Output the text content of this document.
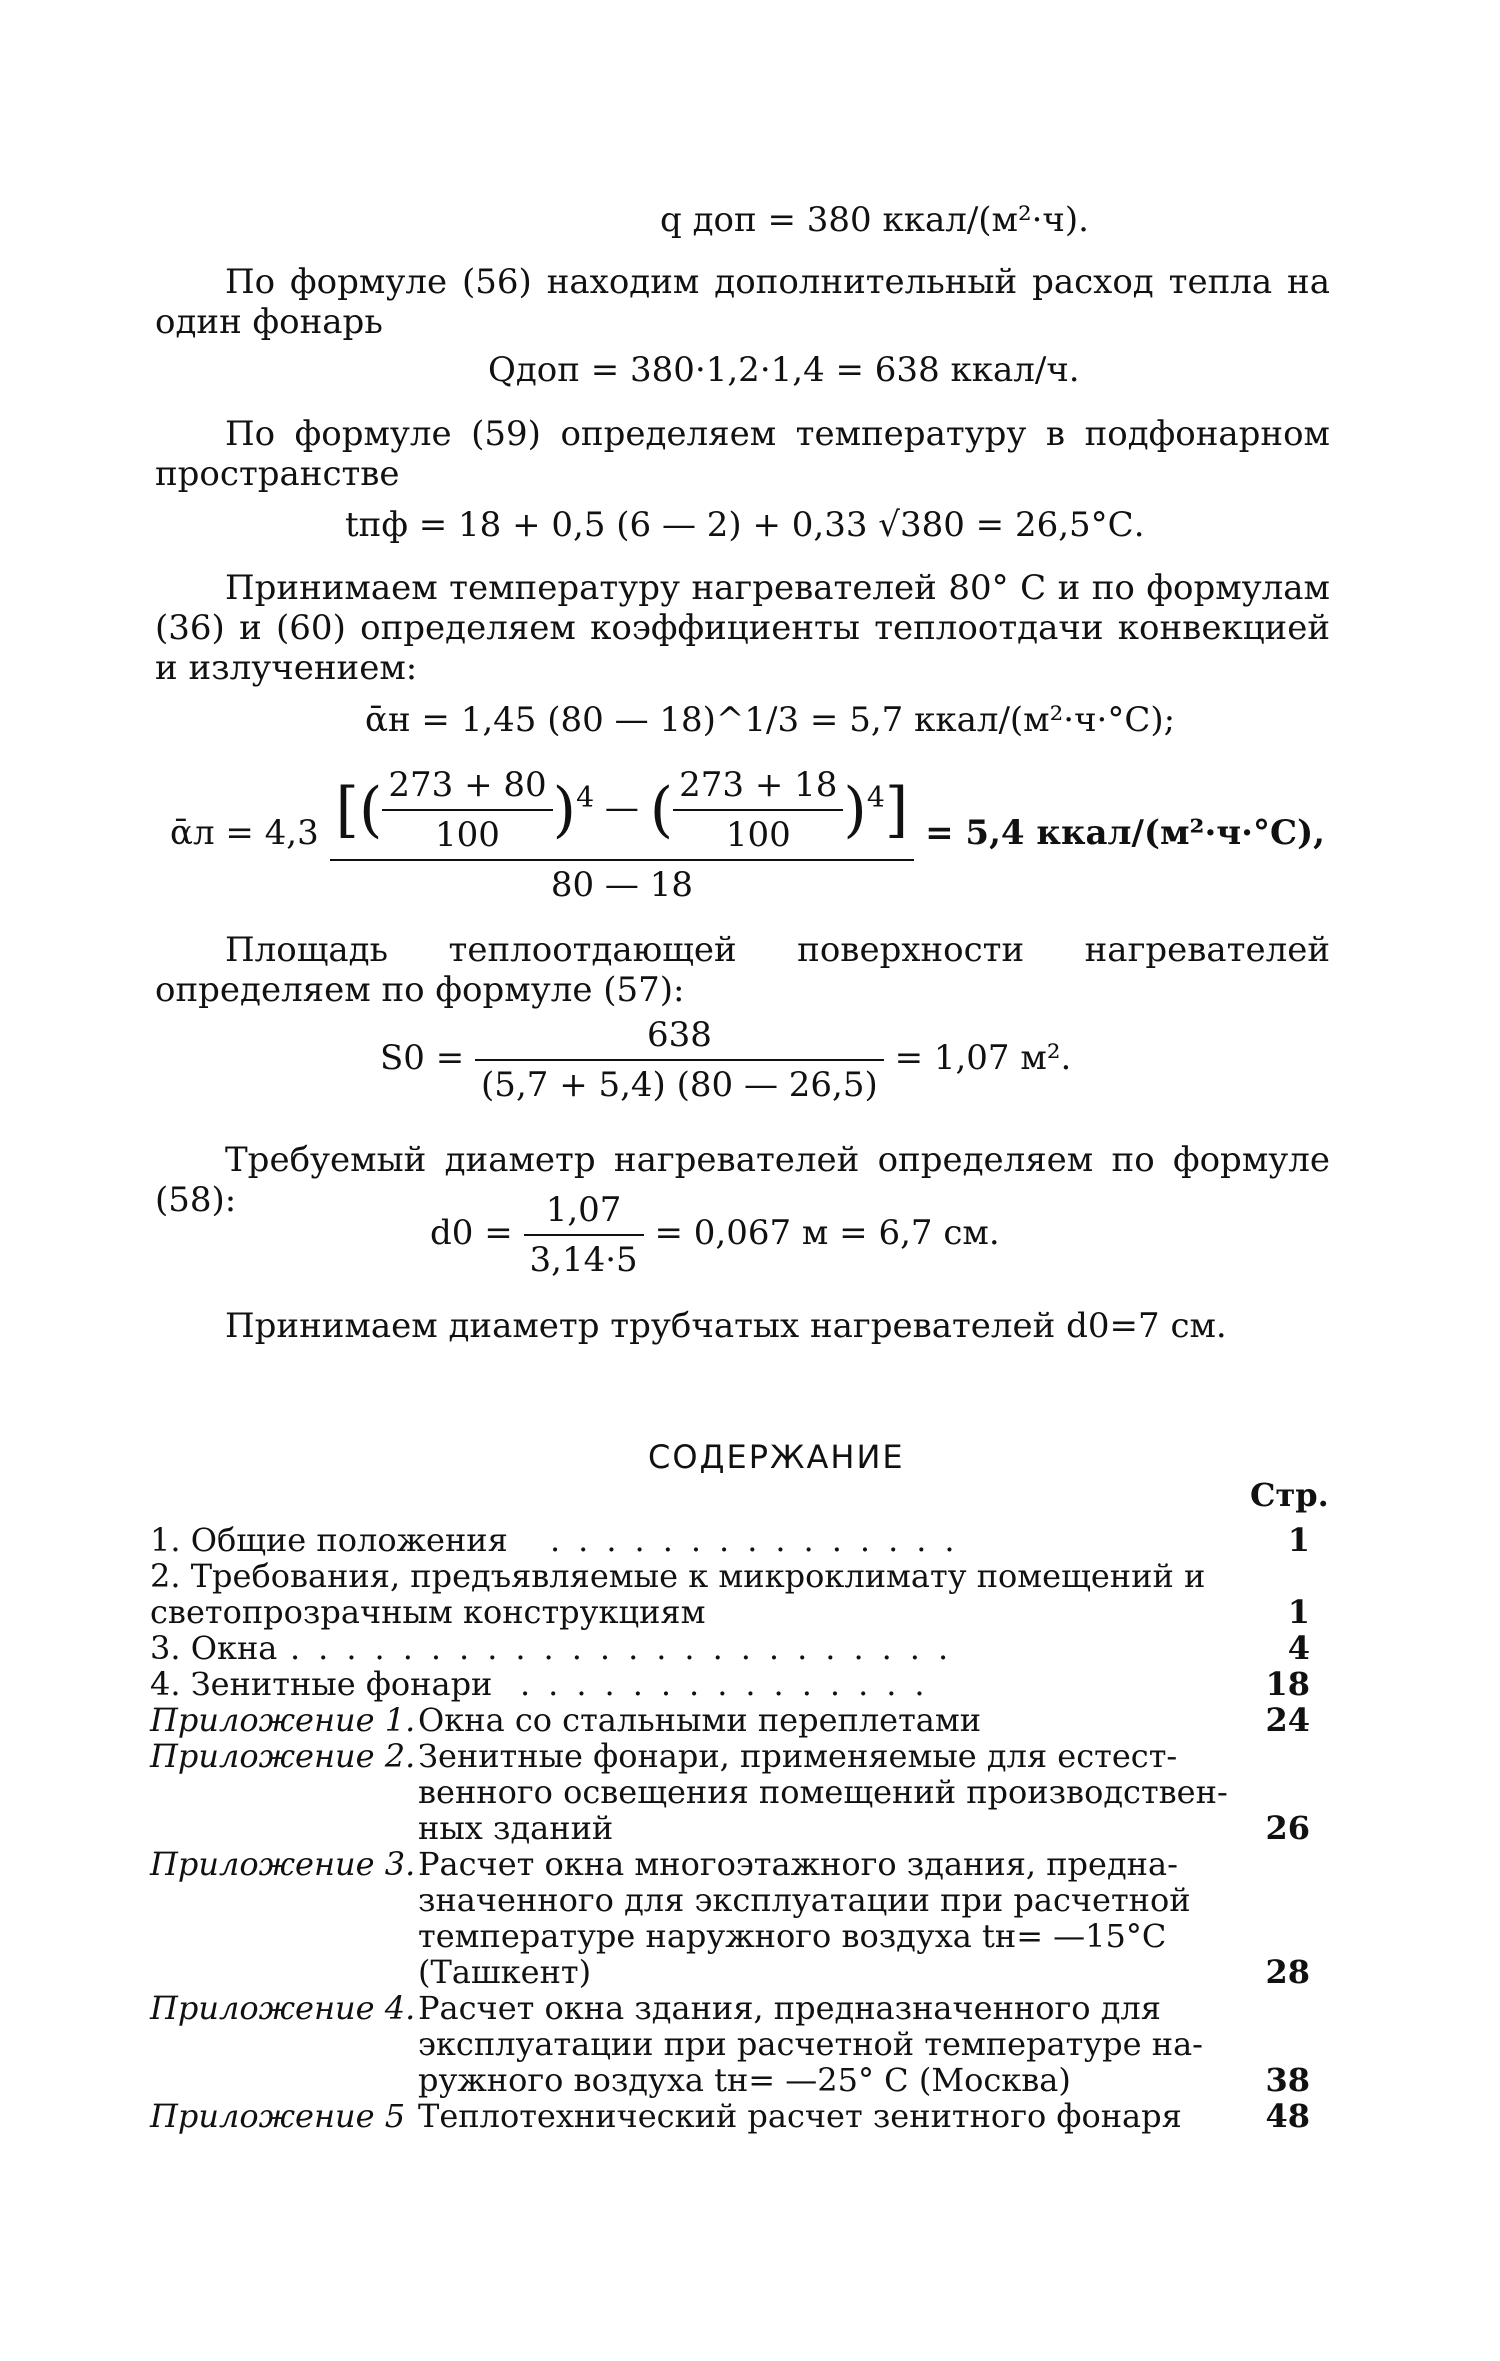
q доп = 380 ккал/(м²·ч).
По формуле (56) находим дополнительный расход тепла на один фонарь
Qдоп = 380·1,2·1,4 = 638 ккал/ч.
По формуле (59) определяем температуру в подфонарном пространстве
tпф = 18 + 0,5 (6 — 2) + 0,33 √380 = 26,5°С.
Принимаем температуру нагревателей 80° С и по формулам (36) и (60) определяем коэффициенты теплоотдачи конвекцией и излучением:
ᾱн = 1,45 (80 — 18)^1/3 = 5,7 ккал/(м²·ч·°С);
ᾱл = $4,3 \frac{[( \frac{273 + 80}{100} )^4 — ( \frac{273 + 18}{100} )^4]}{80 — 18} = 5,4$ ккал/(м²·ч·°С),
Площадь теплоотдающей поверхности нагревателей определяем по формуле (57):
$S0 = \frac{638}{(5,7 + 5,4) (80 — 26,5)} = 1,07$ м².
Требуемый диаметр нагревателей определяем по формуле (58):
$d0 = \frac{1,07}{3,14\cdot 5} = 0,067$ м = 6,7 см.
Принимаем диаметр трубчатых нагревателей d0=7 см.
СОДЕРЖАНИЕ
Стр.
1. Общие положения ...............	1
2. Требования, предъявляемые к микроклимату помещений и
светопрозрачным конструкциям	1
3. Окна ........................	4
4. Зенитные фонари ...............	18
Приложение 1. Окна со стальными переплетами	24
Приложение 2. Зенитные фонари, применяемые для естест-
венного освещения помещений производствен-
ных зданий	26
Приложение 3. Расчет окна многоэтажного здания, предна-
значенного для эксплуатации при расчетной
температуре наружного воздуха tн= —15°С
(Ташкент)	28
Приложение 4. Расчет окна здания, предназначенного для
эксплуатации при расчетной температуре на-
ружного воздуха tн= —25° С (Москва)	38
Приложение 5 Теплотехнический расчет зенитного фонаря	48
